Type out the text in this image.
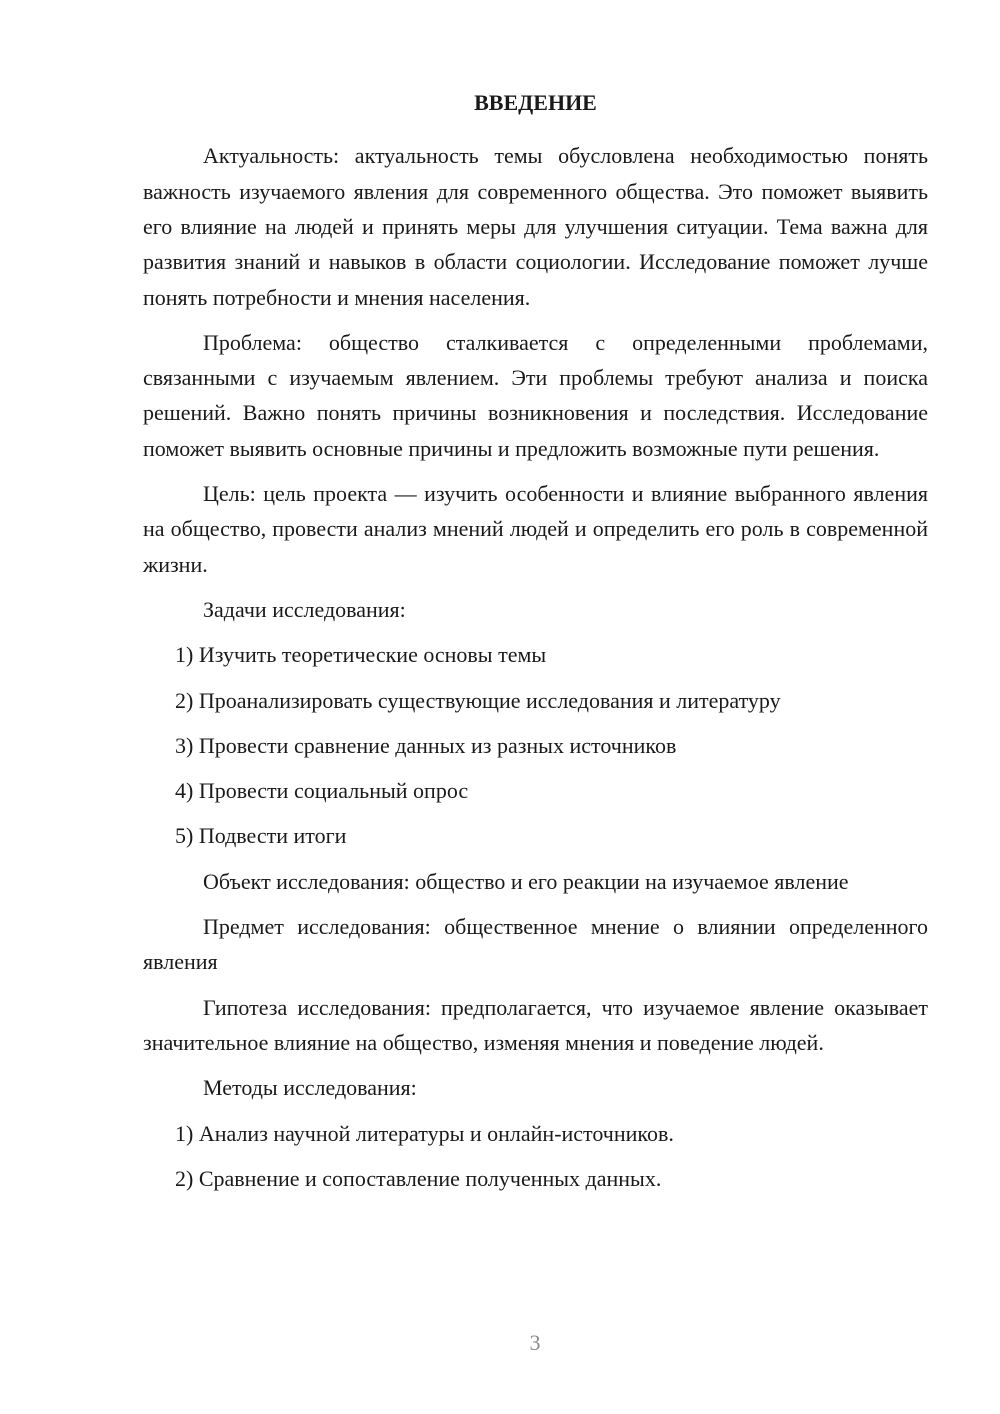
ВВЕДЕНИЕ

Актуальность: актуальность темы обусловлена необходимостью понять важность изучаемого явления для современного общества. Это поможет выявить его влияние на людей и принять меры для улучшения ситуации. Тема важна для развития знаний и навыков в области социологии. Исследование поможет лучше понять потребности и мнения населения.

Проблема: общество сталкивается с определенными проблемами, связанными с изучаемым явлением. Эти проблемы требуют анализа и поиска решений. Важно понять причины возникновения и последствия. Исследование поможет выявить основные причины и предложить возможные пути решения.

Цель: цель проекта — изучить особенности и влияние выбранного явления на общество, провести анализ мнений людей и определить его роль в современной жизни.

Задачи исследования:

1) Изучить теоретические основы темы

2) Проанализировать существующие исследования и литературу

3) Провести сравнение данных из разных источников

4) Провести социальный опрос

5) Подвести итоги

Объект исследования: общество и его реакции на изучаемое явление

Предмет исследования: общественное мнение о влиянии определенного явления

Гипотеза исследования: предполагается, что изучаемое явление оказывает значительное влияние на общество, изменяя мнения и поведение людей.

Методы исследования:

1) Анализ научной литературы и онлайн-источников.

2) Сравнение и сопоставление полученных данных.

3
